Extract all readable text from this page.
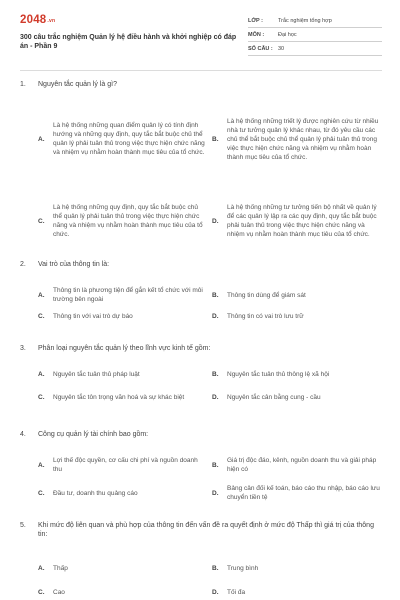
2048.vn
300 câu trắc nghiệm Quản lý hệ điều hành và khởi nghiệp có đáp án - Phần 9
LỚP :	Trắc nghiệm tổng hợp
MÔN :	Đại học
SỐ CÂU : 30
1.	Nguyên tắc quản lý là gì?
A.
Là hệ thống những quan điểm quản lý có tính định hướng và những quy định, quy tắc bắt buộc chủ thể quản lý phải tuân thủ trong việc thực hiện chức năng và nhiệm vụ nhằm hoàn thành mục tiêu của tổ chức.
B.
Là hệ thống những triết lý được nghiên cứu từ nhiều nhà tư tưởng quản lý khác nhau, từ đó yêu cầu các chủ thể bắt buộc chủ thể quản lý phải tuân thủ trong việc thực hiện chức năng và nhiệm vụ nhằm hoàn thành mục tiêu của tổ chức.
C.
Là hệ thống những quy định, quy tắc bắt buộc chủ thể quản lý phải tuân thủ trong việc thực hiện chức năng và nhiệm vụ nhằm hoàn thành mục tiêu của tổ chức.
D.
Là hệ thống những tư tưởng tiến bộ nhất về quản lý để các quản lý lập ra các quy định, quy tắc bắt buộc phải tuân thủ trong việc thực hiện chức năng và nhiệm vụ nhằm hoàn thành mục tiêu của tổ chức.
2.	Vai trò của thông tin là:
A.
Thông tin là phương tiện để gắn kết tổ chức với môi trường bên ngoài
B.	Thông tin dùng để giám sát
C.	Thông tin với vai trò dự báo	D.	Thông tin có vai trò lưu trữ
3.	Phân loại nguyên tắc quản lý theo lĩnh vực kinh tế gồm:
A.	Nguyên tắc tuân thủ pháp luật	B.	Nguyên tắc tuân thủ thông lệ xã hội
C.	Nguyên tắc tôn trọng văn hoá và sự khác biệt	D.	Nguyên tắc cân bằng cung - cầu
4.	Công cụ quản lý tài chính bao gồm:
A.
Lợi thế độc quyền, cơ cấu chi phí và nguồn doanh thu
B.
Giá trị độc đáo, kênh, nguồn doanh thu và giải pháp hiện có
C.	Đầu tư, doanh thu quảng cáo	D.
Bảng cân đối kế toán, báo cáo thu nhập, báo cáo lưu chuyển tiền tệ
5.	Khi mức độ liên quan và phù hợp của thông tin đến vấn đề ra quyết định ở mức độ Thấp thì giá trị của thông tin:
A.	Thấp	B.	Trung bình
C.	Cao	D.	Tối đa
